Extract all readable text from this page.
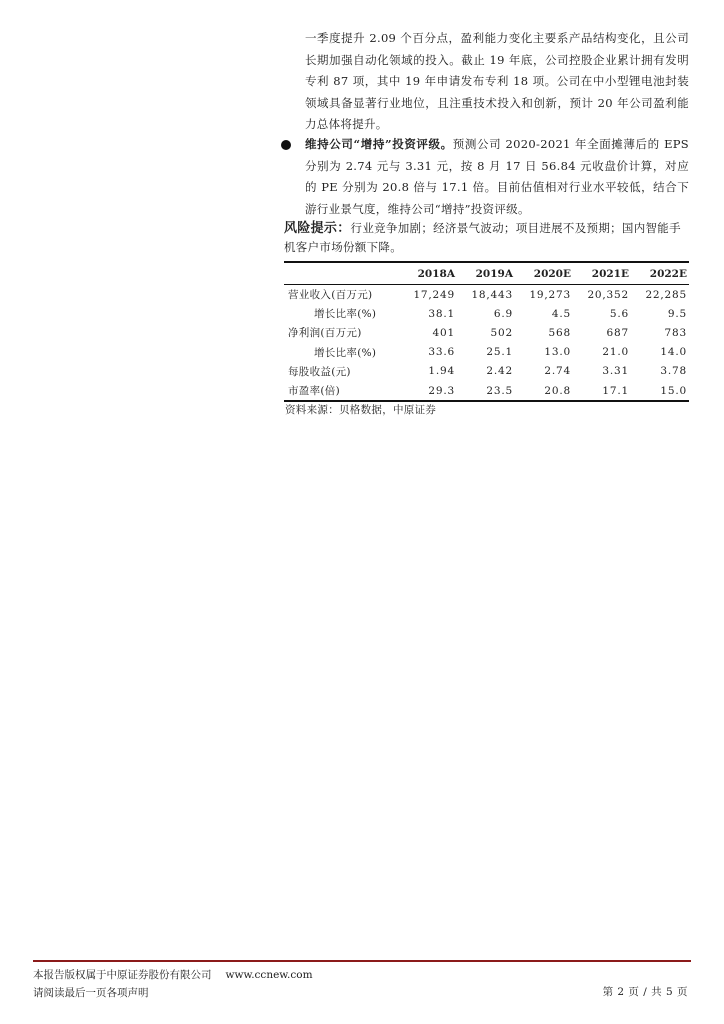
一季度提升 2.09 个百分点，盈利能力变化主要系产品结构变化，且公司长期加强自动化领域的投入。截止 19 年底，公司控股企业累计拥有发明专利 87 项，其中 19 年申请发布专利 18 项。公司在中小型锂电池封装领域具备显著行业地位，且注重技术投入和创新，预计 20 年公司盈利能力总体将提升。
维持公司“增持”投资评级。预测公司 2020-2021 年全面摊薄后的 EPS 分别为 2.74 元与 3.31 元，按 8 月 17 日 56.84 元收盘价计算，对应的 PE 分别为 20.8 倍与 17.1 倍。目前估值相对行业水平较低，结合下游行业景气度，维持公司“增持”投资评级。
风险提示：行业竞争加剧；经济景气波动；项目进展不及预期；国内智能手机客户市场份额下降。
	2018A	2019A	2020E	2021E	2022E
营业收入(百万元)	17,249	18,443	19,273	20,352	22,285
增长比率(%)	38.1	6.9	4.5	5.6	9.5
净利润(百万元)	401	502	568	687	783
增长比率(%)	33.6	25.1	13.0	21.0	14.0
每股收益(元)	1.94	2.42	2.74	3.31	3.78
市盈率(倍)	29.3	23.5	20.8	17.1	15.0
资料来源：贝格数据，中原证券
本报告版权属于中原证券股份有限公司 www.ccnew.com
请阅读最后一页各项声明	第 2 页 / 共 5 页
